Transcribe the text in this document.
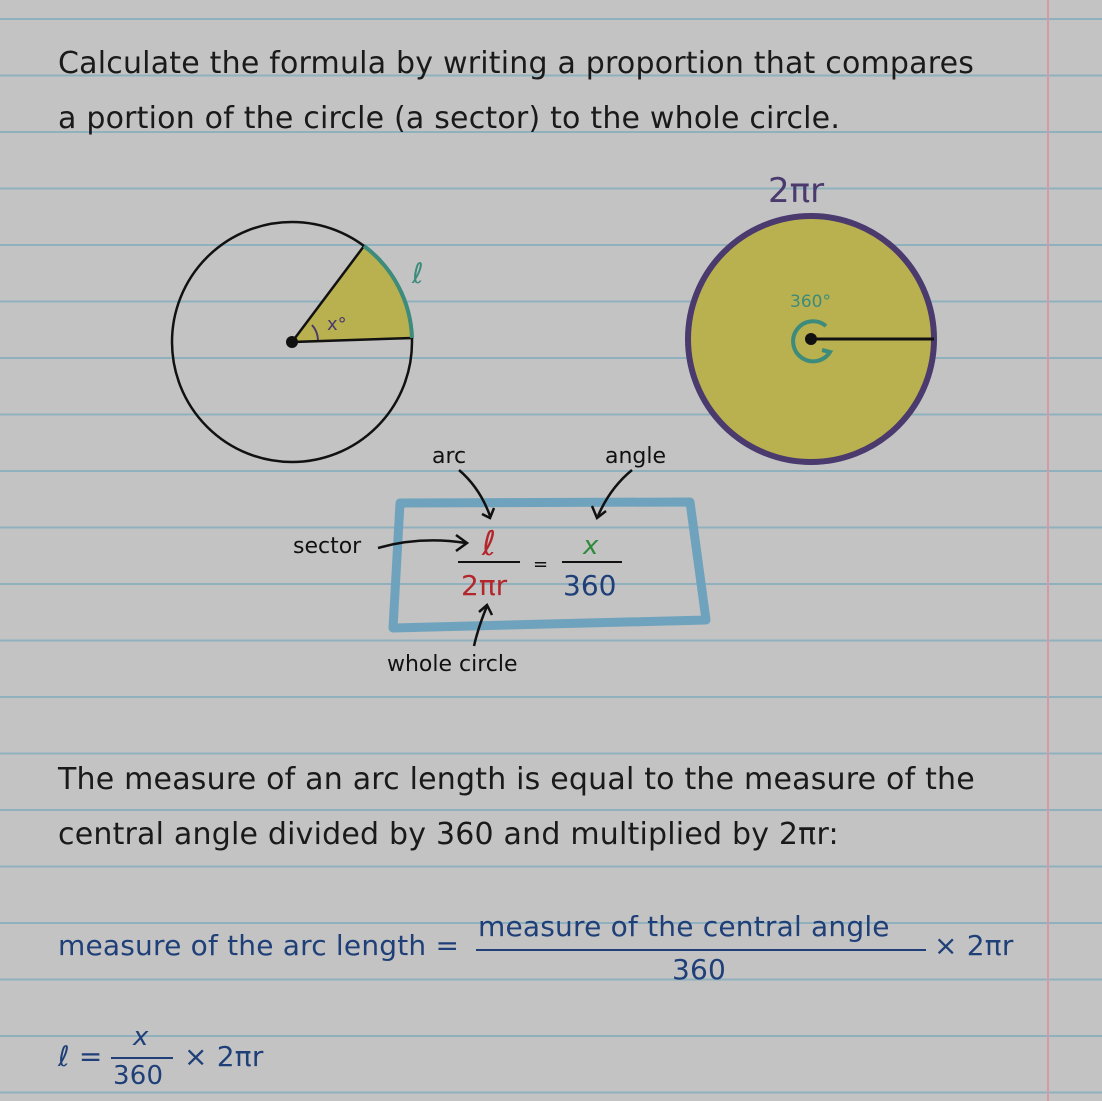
Calculate the formula by writing a proportion that compares
a portion of the circle (a sector) to the whole circle.
x°
ℓ
360°
2πr
arc	angle
sector
whole circle
ℓ
2πr
=
x
360
The measure of an arc length is equal to the measure of the
central angle divided by 360 and multiplied by 2πr:
measure of the arc length =
measure of the central angle
360
× 2πr
ℓ =
x
360
× 2πr
